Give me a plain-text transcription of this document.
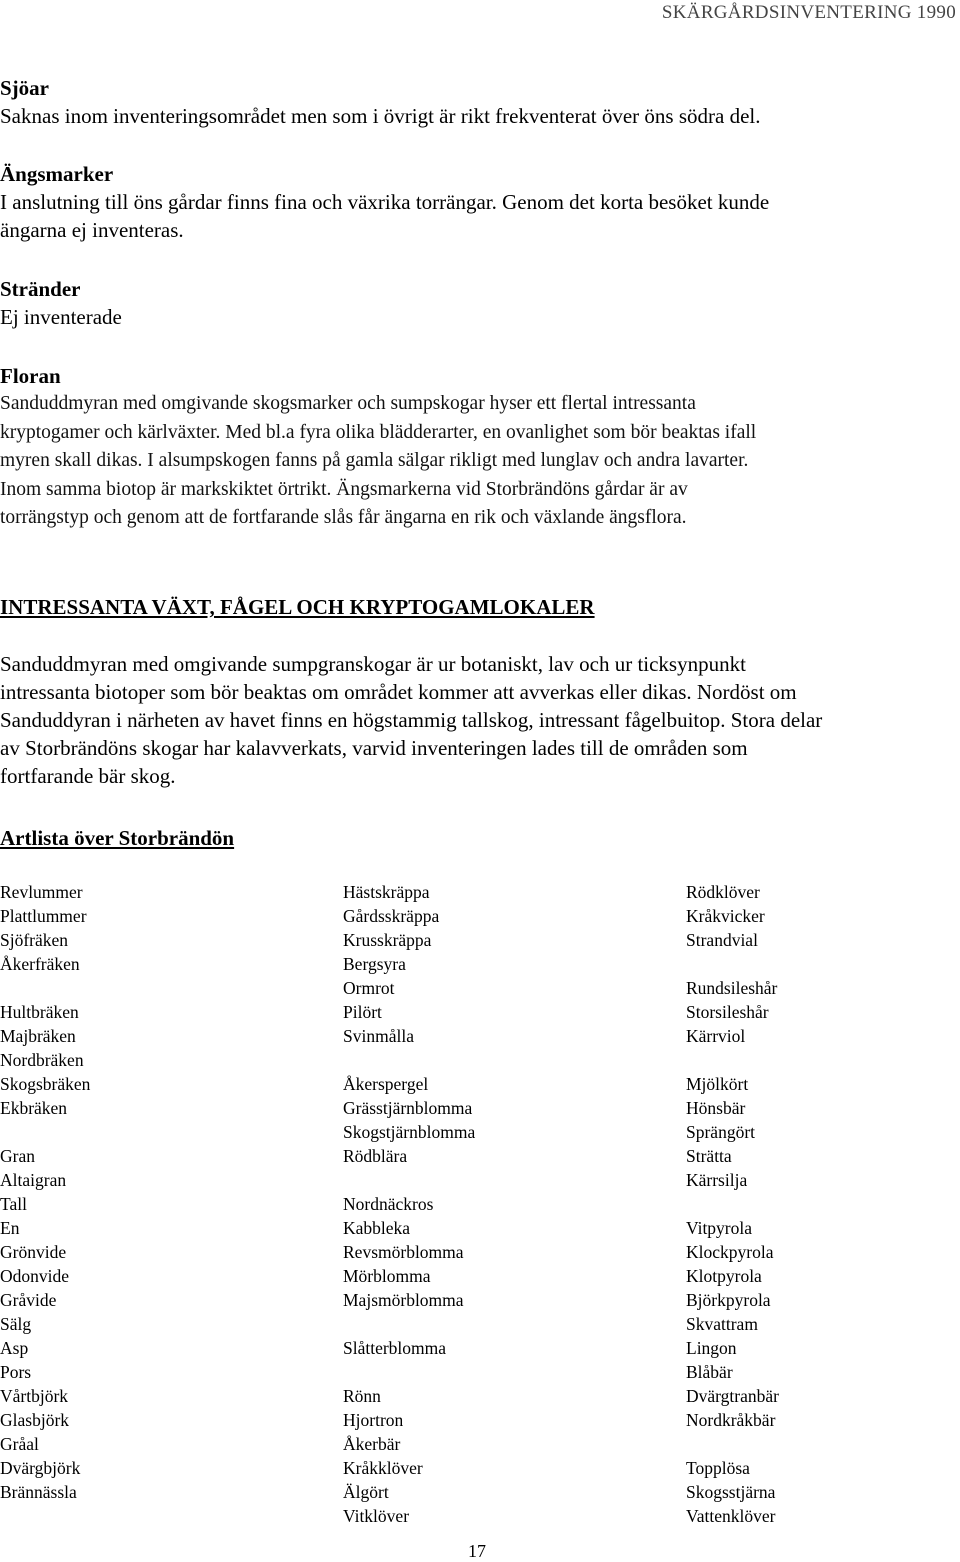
SKÄRGÅRDSINVENTERING 1990
Sjöar

Saknas inom inventeringsområdet men som i övrigt är rikt frekventerat över öns södra del.

Ängsmarker

I anslutning till öns gårdar finns fina och växrika torrängar. Genom det korta besöket kunde

ängarna ej inventeras.

Stränder

Ej inventerade

Floran

Sanduddmyran med omgivande skogsmarker och sumpskogar hyser ett flertal intressanta

kryptogamer och kärlväxter. Med bl.a fyra olika blädderarter, en ovanlighet som bör beaktas ifall

myren skall dikas. I alsumpskogen fanns på gamla sälgar rikligt med lunglav och andra lavarter.

Inom samma biotop är markskiktet örtrikt. Ängsmarkerna vid Storbrändöns gårdar är av

torrängstyp och genom att de fortfarande slås får ängarna en rik och växlande ängsflora.

INTRESSANTA VÄXT, FÅGEL OCH KRYPTOGAMLOKALER

Sanduddmyran med omgivande sumpgranskogar är ur botaniskt, lav och ur ticksynpunkt

intressanta biotoper som bör beaktas om området kommer att avverkas eller dikas. Nordöst om

Sanduddyran i närheten av havet finns en högstammig tallskog, intressant fågelbuitop. Stora delar

av Storbrändöns skogar har kalavverkats, varvid inventeringen lades till de områden som

fortfarande bär skog.

Artlista över Storbrändön
Revlummer
Plattlummer
Sjöfräken
Åkerfräken
Hultbräken
Majbräken
Nordbräken
Skogsbräken
Ekbräken
Gran
Altaigran
Tall
En
Grönvide
Odonvide
Gråvide
Sälg
Asp
Pors
Vårtbjörk
Glasbjörk
Gråal
Dvärgbjörk
Brännässla
Hästskräppa
Gårdsskräppa
Krusskräppa
Bergsyra
Ormrot
Pilört
Svinmålla
Åkerspergel
Grässtjärnblomma
Skogstjärnblomma
Rödblära
Nordnäckros
Kabbleka
Revsmörblomma
Mörblomma
Majsmörblomma
Slåtterblomma
Rönn
Hjortron
Åkerbär
Kråkklöver
Älgört
Vitklöver
Rödklöver
Kråkvicker
Strandvial
Rundsileshår
Storsileshår
Kärrviol
Mjölkört
Hönsbär
Sprängört
Strätta
Kärrsilja
Vitpyrola
Klockpyrola
Klotpyrola
Björkpyrola
Skvattram
Lingon
Blåbär
Dvärgtranbär
Nordkråkbär
Topplösa
Skogsstjärna
Vattenklöver
17
